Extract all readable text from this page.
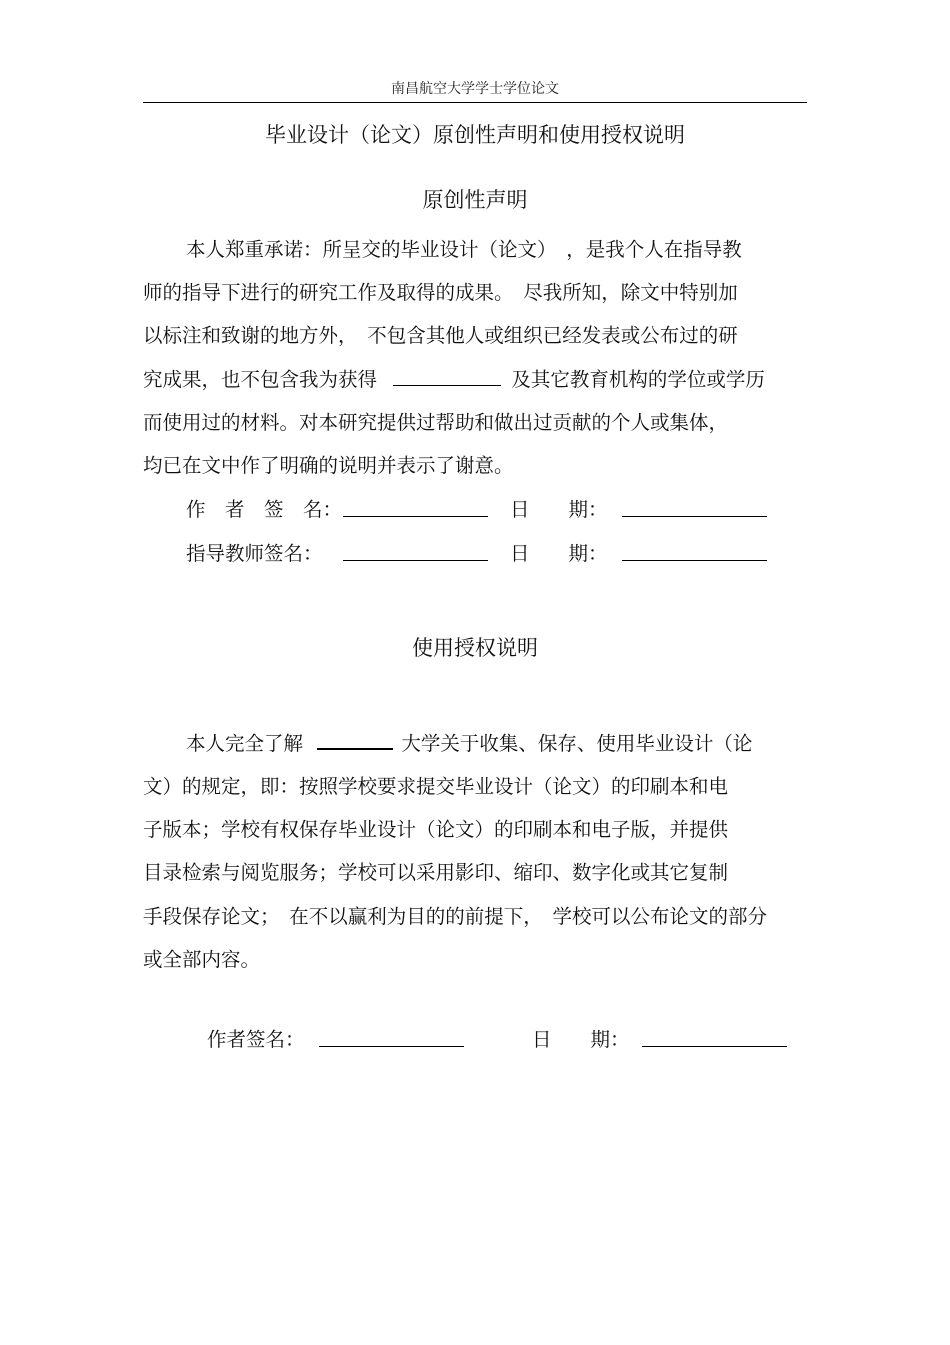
南昌航空大学学士学位论文
毕业设计（论文）原创性声明和使用授权说明
原创性声明
本人郑重承诺：所呈交的毕业设计（论文）　，是我个人在指导教
师的指导下进行的研究工作及取得的成果。　尽我所知，除文中特别加
以标注和致谢的地方外，　不包含其他人或组织已经发表或公布过的研
究成果，也不包含我为获得	及其它教育机构的学位或学历
而使用过的材料。对本研究提供过帮助和做出过贡献的个人或集体，
均已在文中作了明确的说明并表示了谢意。
作　者　签　名：	日　　期：
指导教师签名：	日　　期：
使用授权说明
本人完全了解	大学关于收集、保存、使用毕业设计（论
文）的规定，即：按照学校要求提交毕业设计（论文）的印刷本和电
子版本；学校有权保存毕业设计（论文）的印刷本和电子版，并提供
目录检索与阅览服务；学校可以采用影印、缩印、数字化或其它复制
手段保存论文；　在不以赢利为目的的前提下，　学校可以公布论文的部分
或全部内容。
作者签名：	日　　期：
